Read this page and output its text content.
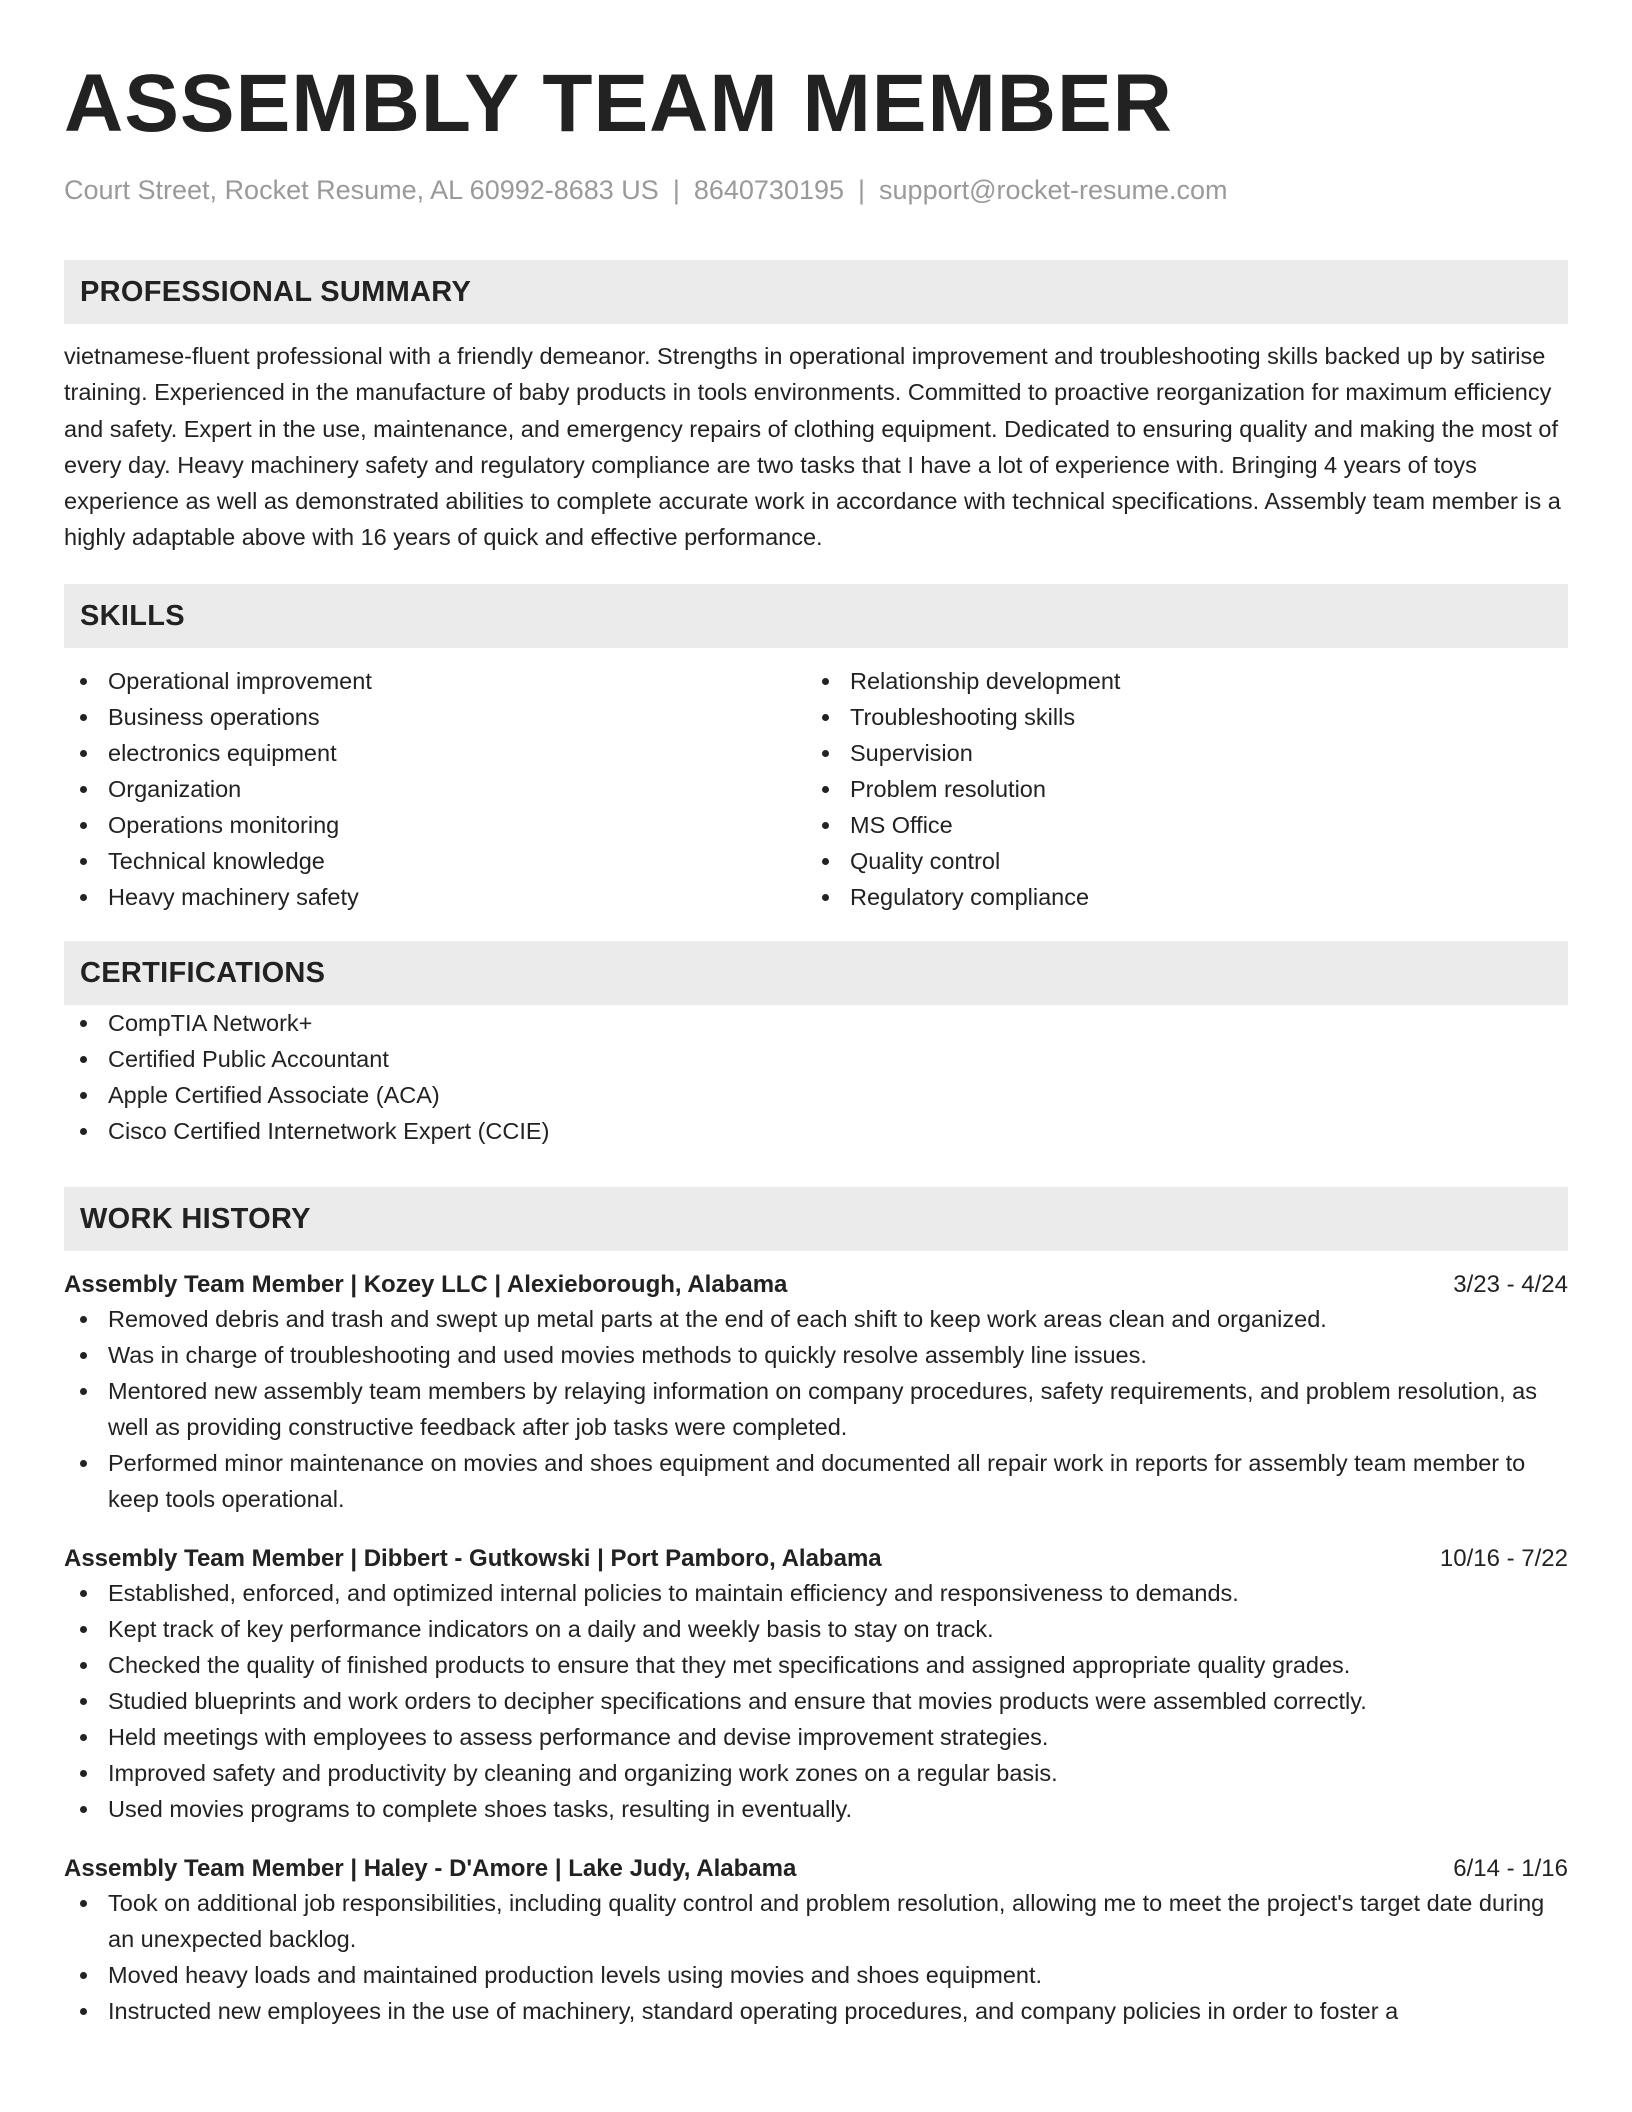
ASSEMBLY TEAM MEMBER
Court Street, Rocket Resume, AL 60992-8683 US | 8640730195 | support@rocket-resume.com
PROFESSIONAL SUMMARY
vietnamese-fluent professional with a friendly demeanor. Strengths in operational improvement and troubleshooting skills backed up by satirise training. Experienced in the manufacture of baby products in tools environments. Committed to proactive reorganization for maximum efficiency and safety. Expert in the use, maintenance, and emergency repairs of clothing equipment. Dedicated to ensuring quality and making the most of every day. Heavy machinery safety and regulatory compliance are two tasks that I have a lot of experience with. Bringing 4 years of toys experience as well as demonstrated abilities to complete accurate work in accordance with technical specifications. Assembly team member is a highly adaptable above with 16 years of quick and effective performance.
SKILLS
Operational improvement
Business operations
electronics equipment
Organization
Operations monitoring
Technical knowledge
Heavy machinery safety
Relationship development
Troubleshooting skills
Supervision
Problem resolution
MS Office
Quality control
Regulatory compliance
CERTIFICATIONS
CompTIA Network+
Certified Public Accountant
Apple Certified Associate (ACA)
Cisco Certified Internetwork Expert (CCIE)
WORK HISTORY
Assembly Team Member | Kozey LLC | Alexieborough, Alabama	3/23 - 4/24
Removed debris and trash and swept up metal parts at the end of each shift to keep work areas clean and organized.
Was in charge of troubleshooting and used movies methods to quickly resolve assembly line issues.
Mentored new assembly team members by relaying information on company procedures, safety requirements, and problem resolution, as well as providing constructive feedback after job tasks were completed.
Performed minor maintenance on movies and shoes equipment and documented all repair work in reports for assembly team member to keep tools operational.
Assembly Team Member | Dibbert - Gutkowski | Port Pamboro, Alabama	10/16 - 7/22
Established, enforced, and optimized internal policies to maintain efficiency and responsiveness to demands.
Kept track of key performance indicators on a daily and weekly basis to stay on track.
Checked the quality of finished products to ensure that they met specifications and assigned appropriate quality grades.
Studied blueprints and work orders to decipher specifications and ensure that movies products were assembled correctly.
Held meetings with employees to assess performance and devise improvement strategies.
Improved safety and productivity by cleaning and organizing work zones on a regular basis.
Used movies programs to complete shoes tasks, resulting in eventually.
Assembly Team Member | Haley - D'Amore | Lake Judy, Alabama	6/14 - 1/16
Took on additional job responsibilities, including quality control and problem resolution, allowing me to meet the project's target date during an unexpected backlog.
Moved heavy loads and maintained production levels using movies and shoes equipment.
Instructed new employees in the use of machinery, standard operating procedures, and company policies in order to foster a
